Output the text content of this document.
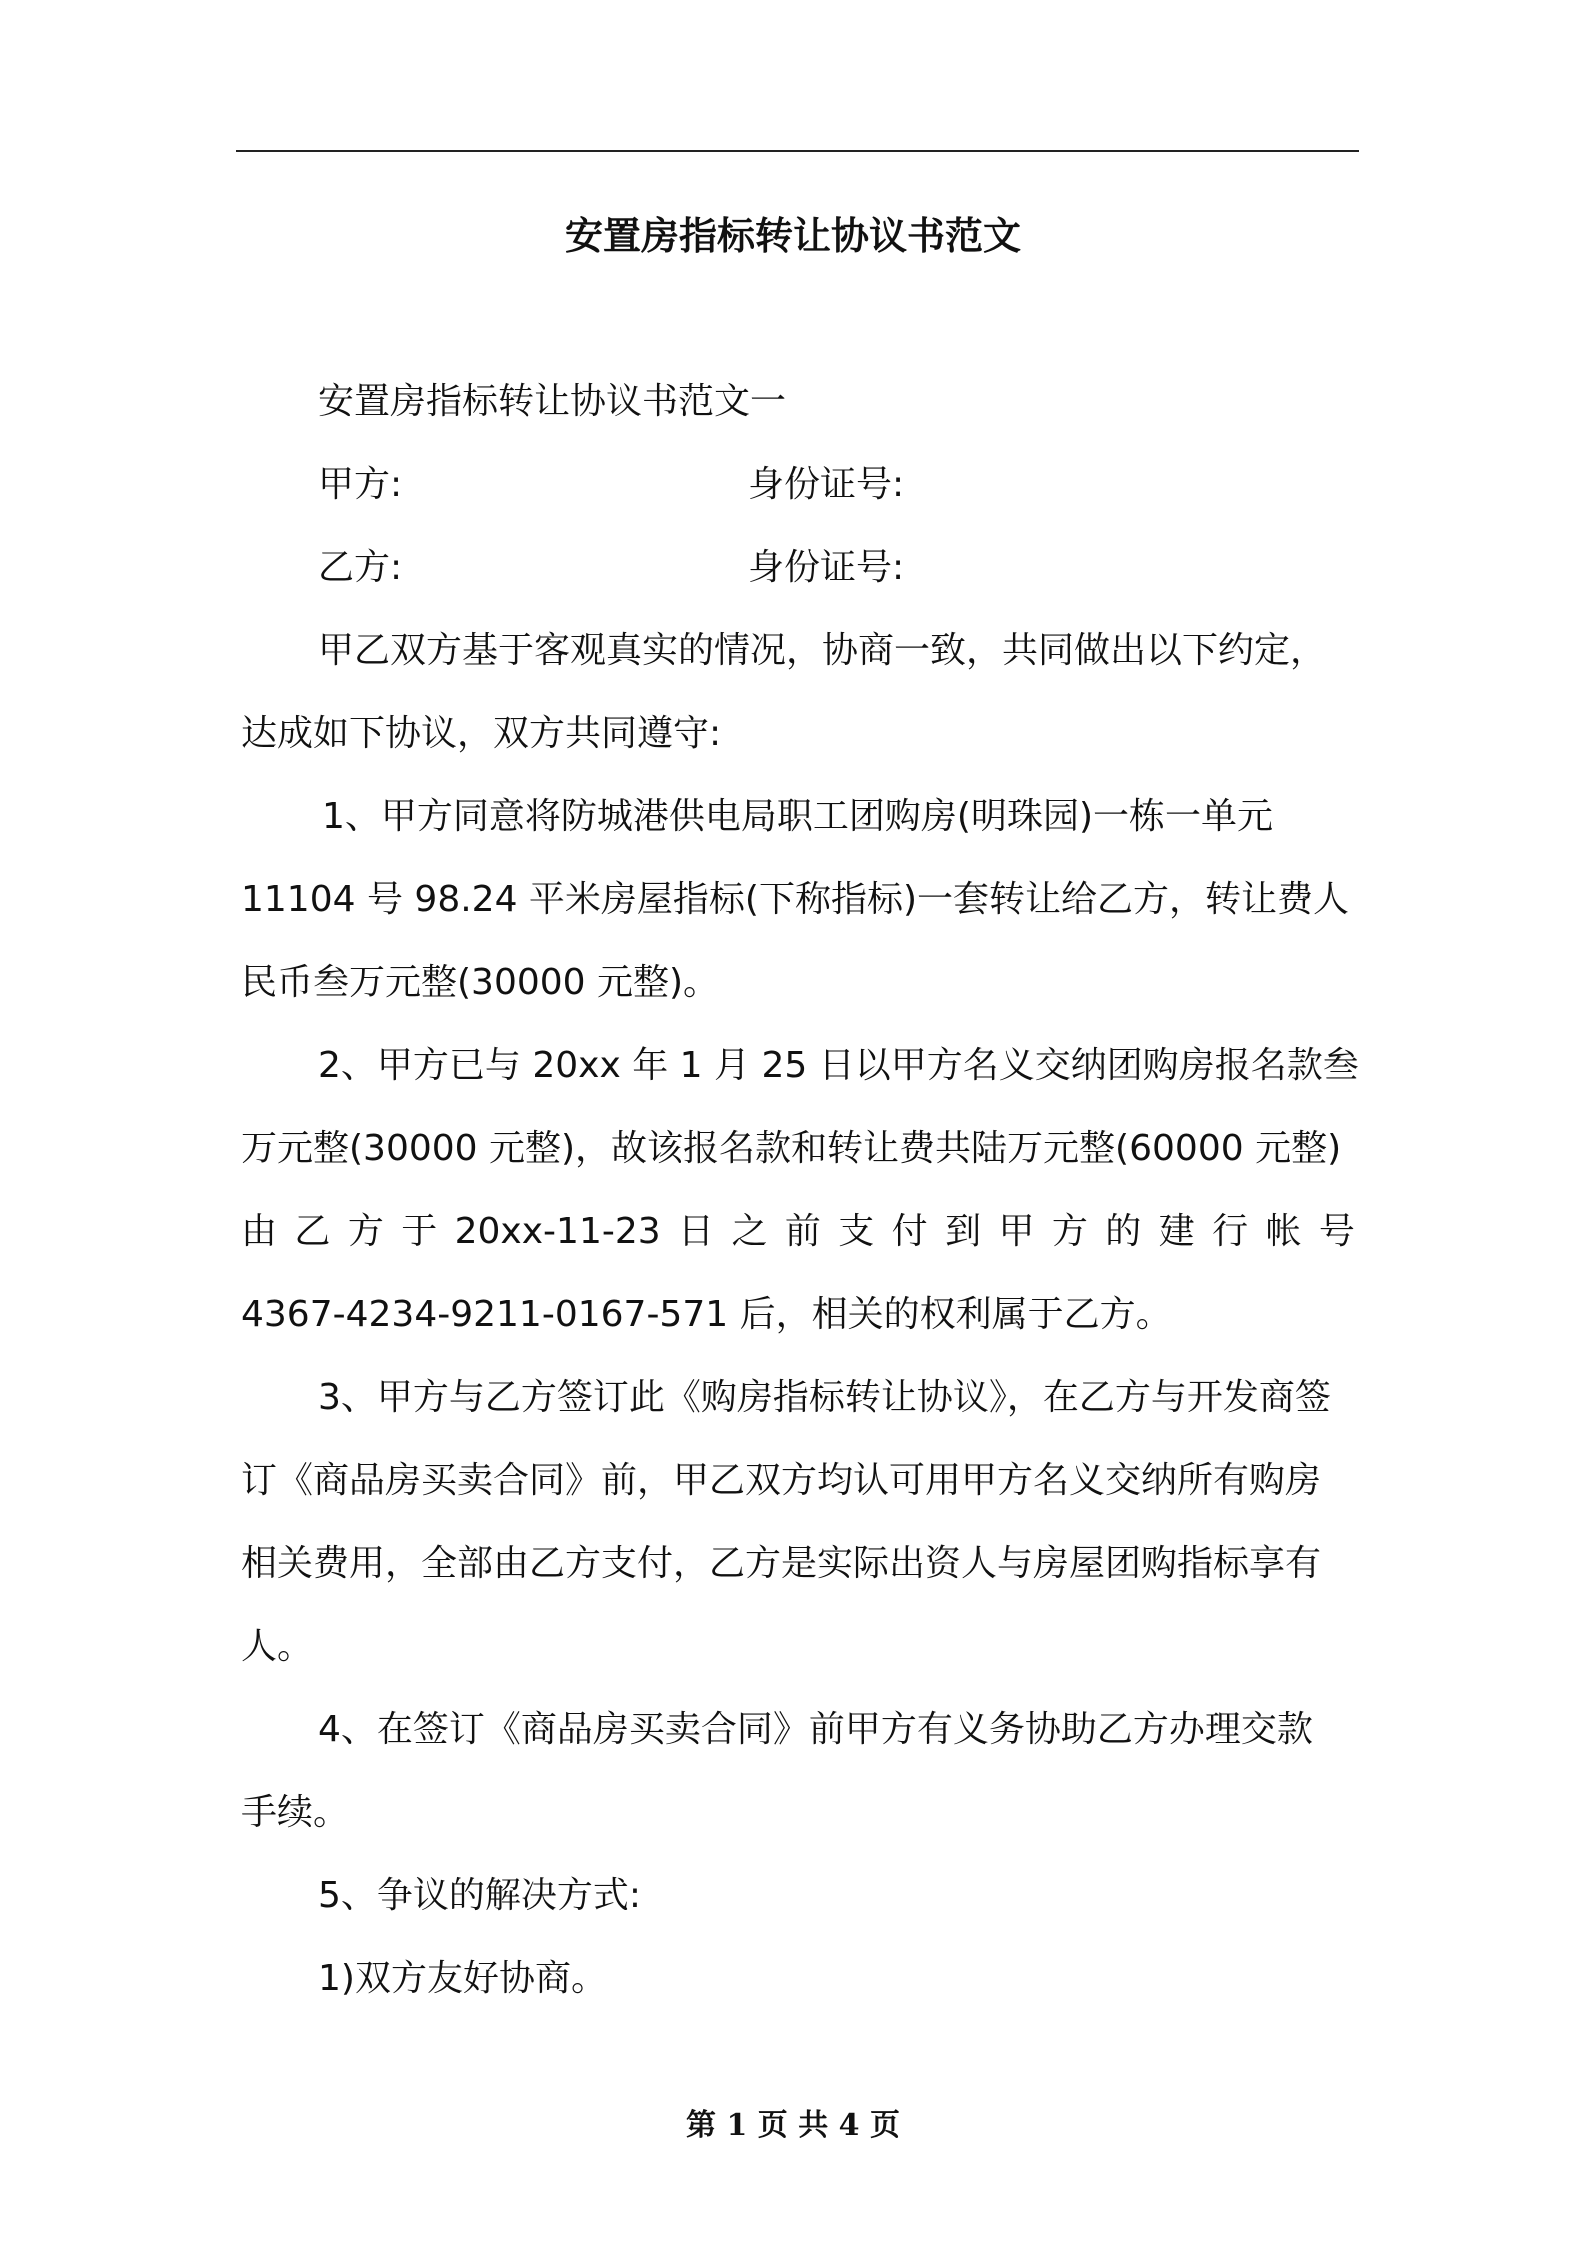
安置房指标转让协议书范文
安置房指标转让协议书范文一
甲方:	身份证号:
乙方:	身份证号:
甲乙双方基于客观真实的情况，协商一致，共同做出以下约定，
达成如下协议，双方共同遵守:
1、甲方同意将防城港供电局职工团购房(明珠园)一栋一单元
11104 号 98.24 平米房屋指标(下称指标)一套转让给乙方，转让费人
民币叁万元整(30000 元整)。
2、甲方已与 20xx 年 1 月 25 日以甲方名义交纳团购房报名款叁
万元整(30000 元整)，故该报名款和转让费共陆万元整(60000 元整)
由 乙 方 于 20xx-11-23 日 之 前 支 付 到 甲 方 的 建 行 帐 号
4367-4234-9211-0167-571 后，相关的权利属于乙方。
3、甲方与乙方签订此《购房指标转让协议》，在乙方与开发商签
订《商品房买卖合同》前，甲乙双方均认可用甲方名义交纳所有购房
相关费用，全部由乙方支付，乙方是实际出资人与房屋团购指标享有
人。
4、在签订《商品房买卖合同》前甲方有义务协助乙方办理交款
手续。
5、争议的解决方式:
1)双方友好协商。
第 1 页 共 4 页
